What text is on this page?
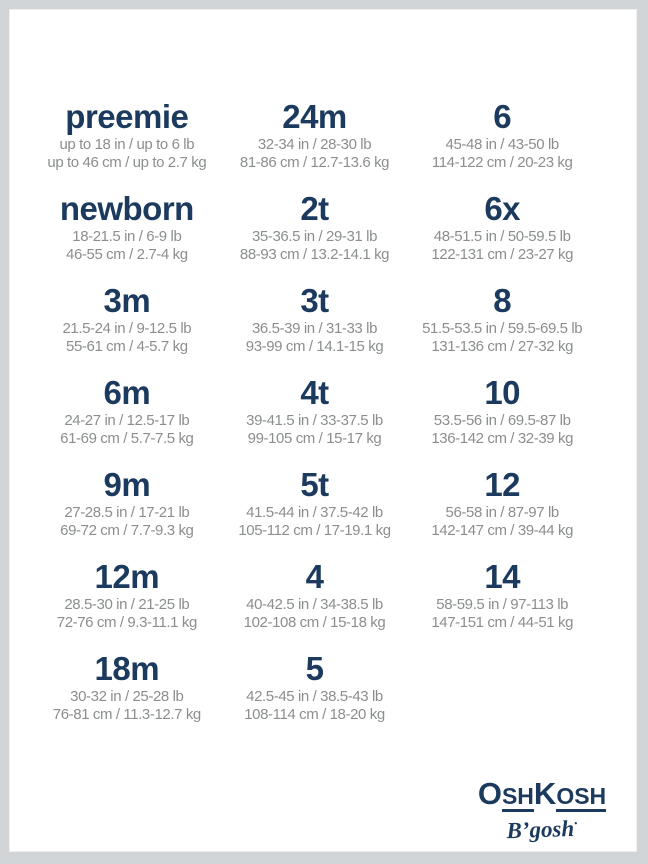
preemie
up to 18 in / up to 6 lb
up to 46 cm / up to 2.7 kg
newborn
18-21.5 in / 6-9 lb
46-55 cm / 2.7-4 kg
3m
21.5-24 in / 9-12.5 lb
55-61 cm / 4-5.7 kg
6m
24-27 in / 12.5-17 lb
61-69 cm / 5.7-7.5 kg
9m
27-28.5 in / 17-21 lb
69-72 cm / 7.7-9.3 kg
12m
28.5-30 in / 21-25 lb
72-76 cm / 9.3-11.1 kg
18m
30-32 in / 25-28 lb
76-81 cm / 11.3-12.7 kg
24m
32-34 in / 28-30 lb
81-86 cm / 12.7-13.6 kg
2t
35-36.5 in / 29-31 lb
88-93 cm / 13.2-14.1 kg
3t
36.5-39 in / 31-33 lb
93-99 cm / 14.1-15 kg
4t
39-41.5 in / 33-37.5 lb
99-105 cm / 15-17 kg
5t
41.5-44 in / 37.5-42 lb
105-112 cm / 17-19.1 kg
4
40-42.5 in / 34-38.5 lb
102-108 cm / 15-18 kg
5
42.5-45 in / 38.5-43 lb
108-114 cm / 18-20 kg
6
45-48 in / 43-50 lb
114-122 cm / 20-23 kg
6x
48-51.5 in / 50-59.5 lb
122-131 cm / 23-27 kg
8
51.5-53.5 in / 59.5-69.5 lb
131-136 cm / 27-32 kg
10
53.5-56 in / 69.5-87 lb
136-142 cm / 32-39 kg
12
56-58 in / 87-97 lb
142-147 cm / 39-44 kg
14
58-59.5 in / 97-113 lb
147-151 cm / 44-51 kg
O SH K OSH
B’gosh·
